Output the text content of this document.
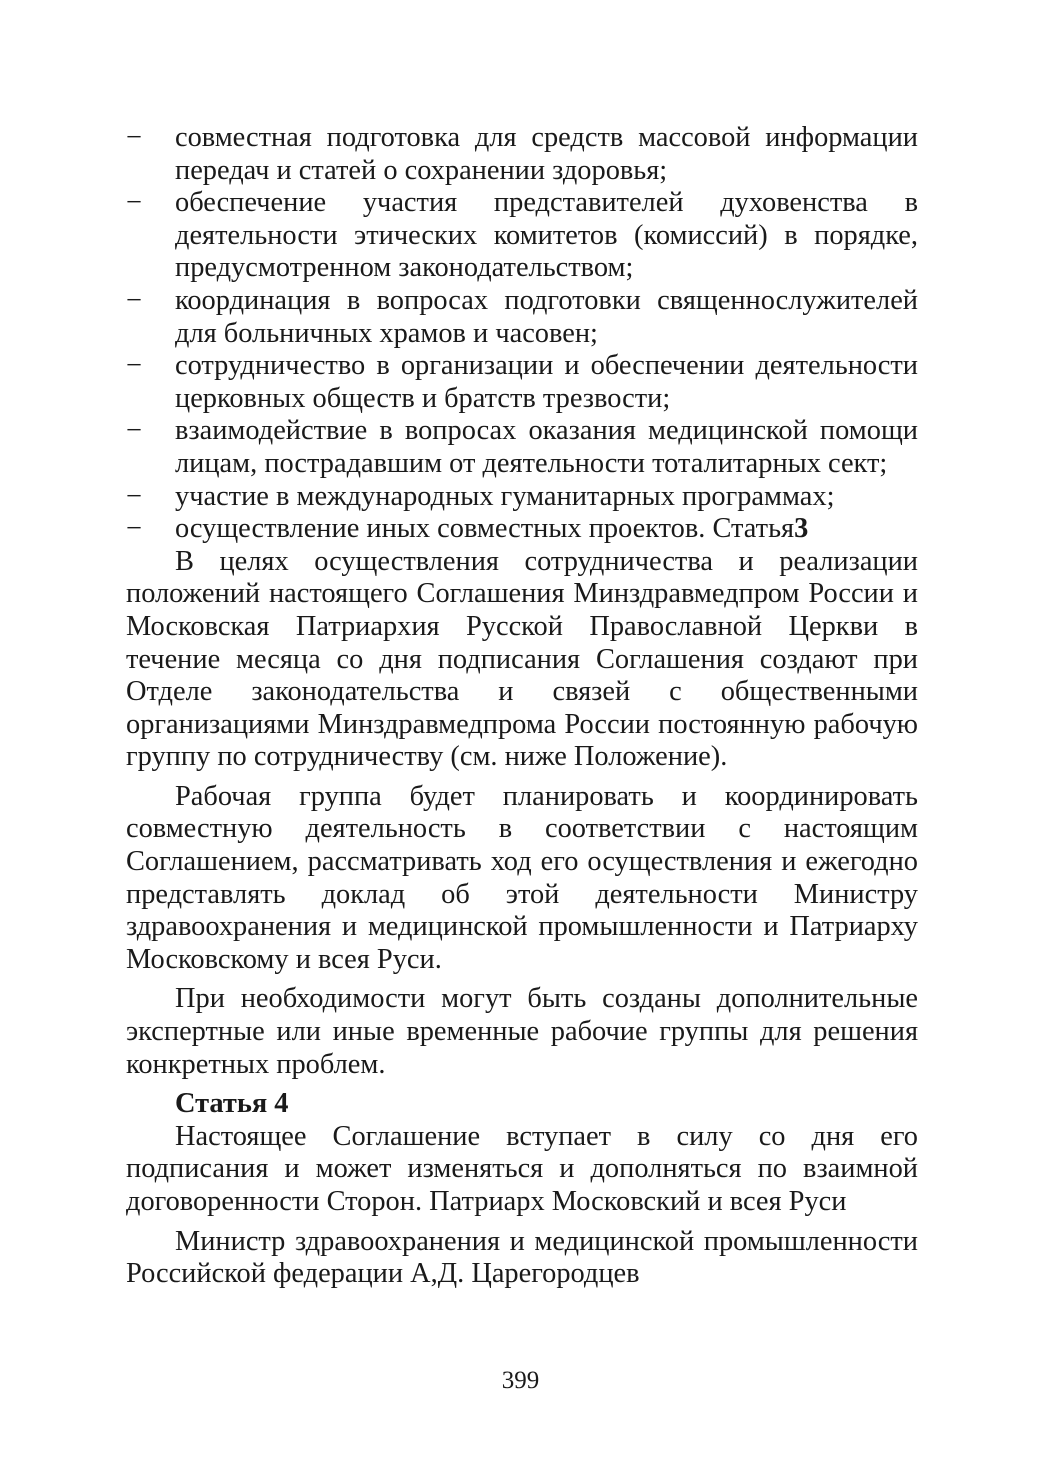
− совместная подготовка для средств массовой информации передач и статей о сохранении здоровья;
− обеспечение участия представителей духовенства в деятельности этических комитетов (комиссий) в порядке, предусмотренном законодательством;
− координация в вопросах подготовки священнослужителей для больничных храмов и часовен;
− сотрудничество в организации и обеспечении деятельности церковных обществ и братств трезвости;
− взаимодействие в вопросах оказания медицинской помощи лицам, пострадавшим от деятельности тоталитарных сект;
− участие в международных гуманитарных программах;
− осуществление иных совместных проектов. Статья3

В целях осуществления сотрудничества и реализации положений настоящего Соглашения Минздравмедпром России и Московская Патриархия Русской Православной Церкви в течение месяца со дня подписания Соглашения создают при Отделе законодательства и связей с общественными организациями Минздравмедпрома России постоянную рабочую группу по сотрудничеству (см. ниже Положение).

Рабочая группа будет планировать и координировать совместную деятельность в соответствии с настоящим Соглашением, рассматривать ход его осуществления и ежегодно представлять доклад об этой деятельности Министру здравоохранения и медицинской промышленности и Патриарху Московскому и всея Руси.

При необходимости могут быть созданы дополнительные экспертные или иные временные рабочие группы для решения конкретных проблем.

Статья 4

Настоящее Соглашение вступает в силу со дня его подписания и может изменяться и дополняться по взаимной договоренности Сторон. Патриарх Московский и всея Руси

Министр здравоохранения и медицинской промышленности Российской федерации А,Д. Царегородцев

399
